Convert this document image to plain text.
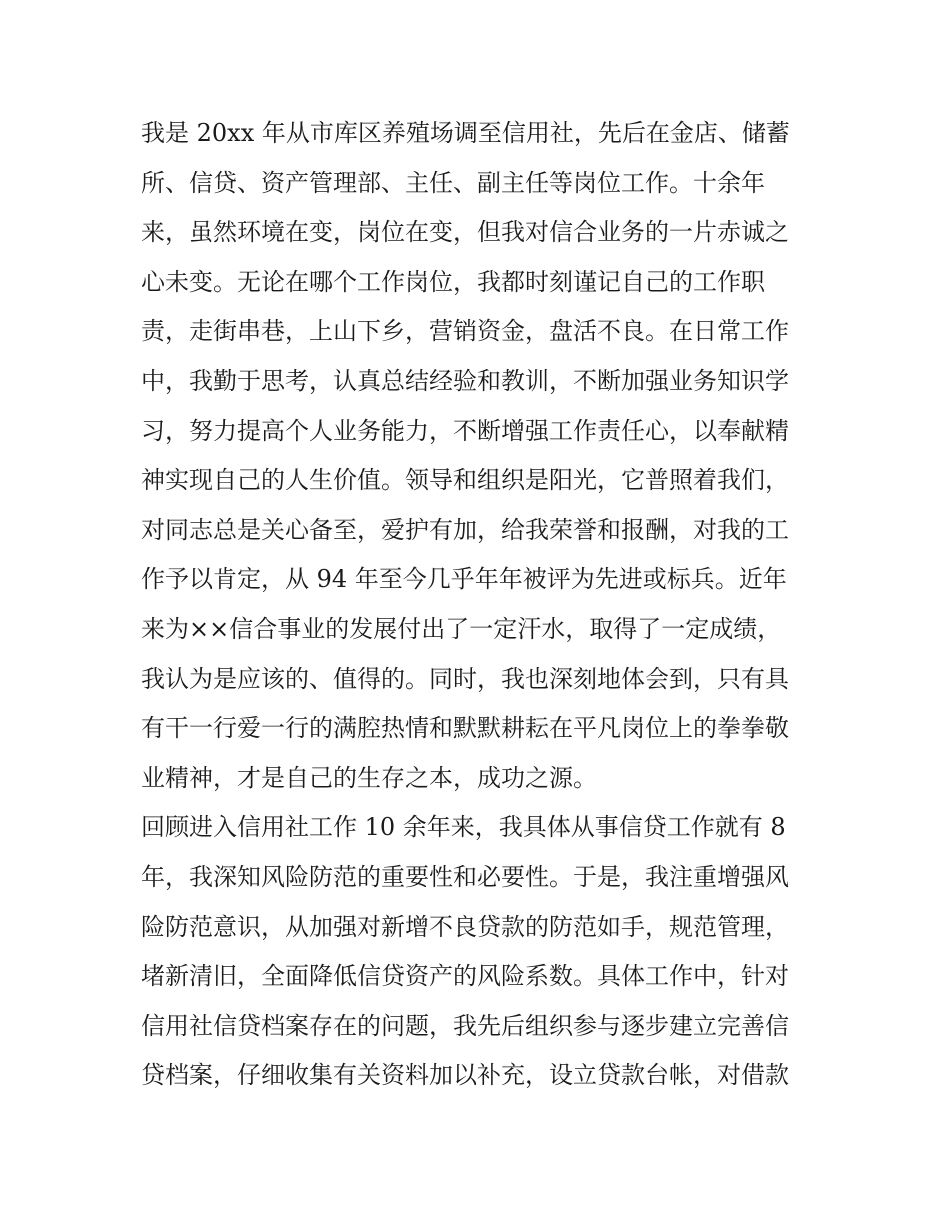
我是 20xx 年从市库区养殖场调至信用社，先后在金店、储蓄
所、信贷、资产管理部、主任、副主任等岗位工作。十余年
来，虽然环境在变，岗位在变，但我对信合业务的一片赤诚之
心未变。无论在哪个工作岗位，我都时刻谨记自己的工作职
责，走街串巷，上山下乡，营销资金，盘活不良。在日常工作
中，我勤于思考，认真总结经验和教训，不断加强业务知识学
习，努力提高个人业务能力，不断增强工作责任心，以奉献精
神实现自己的人生价值。领导和组织是阳光，它普照着我们，
对同志总是关心备至，爱护有加，给我荣誉和报酬，对我的工
作予以肯定，从 94 年至今几乎年年被评为先进或标兵。近年
来为××信合事业的发展付出了一定汗水，取得了一定成绩，
我认为是应该的、值得的。同时，我也深刻地体会到，只有具
有干一行爱一行的满腔热情和默默耕耘在平凡岗位上的拳拳敬
业精神，才是自己的生存之本，成功之源。
回顾进入信用社工作 10 余年来，我具体从事信贷工作就有 8
年，我深知风险防范的重要性和必要性。于是，我注重增强风
险防范意识，从加强对新增不良贷款的防范如手，规范管理，
堵新清旧，全面降低信贷资产的风险系数。具体工作中，针对
信用社信贷档案存在的问题，我先后组织参与逐步建立完善信
贷档案，仔细收集有关资料加以补充，设立贷款台帐，对借款
